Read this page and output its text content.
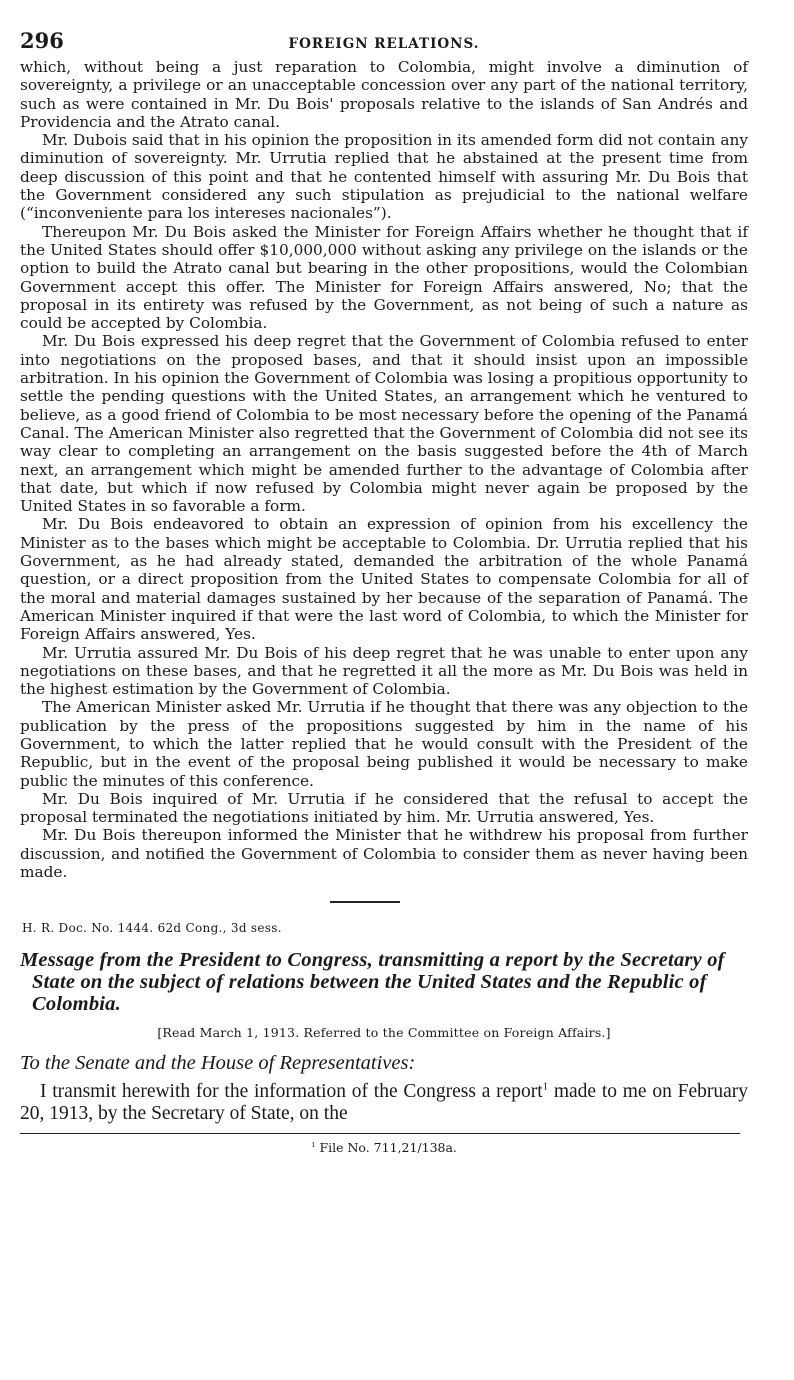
296	FOREIGN RELATIONS.

which, without being a just reparation to Colombia, might involve a diminution of sovereignty, a privilege or an unacceptable concession over any part of the national territory, such as were contained in Mr. Du Bois' proposals relative to the islands of San Andrés and Providencia and the Atrato canal.

Mr. Dubois said that in his opinion the proposition in its amended form did not contain any diminution of sovereignty. Mr. Urrutia replied that he abstained at the present time from deep discussion of this point and that he contented himself with assuring Mr. Du Bois that the Government considered any such stipulation as prejudicial to the national welfare (“inconveniente para los intereses nacionales”).

Thereupon Mr. Du Bois asked the Minister for Foreign Affairs whether he thought that if the United States should offer $10,000,000 without asking any privilege on the islands or the option to build the Atrato canal but bearing in the other propositions, would the Colombian Government accept this offer. The Minister for Foreign Affairs answered, No; that the proposal in its entirety was refused by the Government, as not being of such a nature as could be accepted by Colombia.

Mr. Du Bois expressed his deep regret that the Government of Colombia refused to enter into negotiations on the proposed bases, and that it should insist upon an impossible arbitration. In his opinion the Government of Colombia was losing a propitious opportunity to settle the pending questions with the United States, an arrangement which he ventured to believe, as a good friend of Colombia to be most necessary before the opening of the Panamá Canal. The American Minister also regretted that the Government of Colombia did not see its way clear to completing an arrangement on the basis suggested before the 4th of March next, an arrangement which might be amended further to the advantage of Colombia after that date, but which if now refused by Colombia might never again be proposed by the United States in so favorable a form.

Mr. Du Bois endeavored to obtain an expression of opinion from his excellency the Minister as to the bases which might be acceptable to Colombia. Dr. Urrutia replied that his Government, as he had already stated, demanded the arbitration of the whole Panamá question, or a direct proposition from the United States to compensate Colombia for all of the moral and material damages sustained by her because of the separation of Panamá. The American Minister inquired if that were the last word of Colombia, to which the Minister for Foreign Affairs answered, Yes.

Mr. Urrutia assured Mr. Du Bois of his deep regret that he was unable to enter upon any negotiations on these bases, and that he regretted it all the more as Mr. Du Bois was held in the highest estimation by the Government of Colombia.

The American Minister asked Mr. Urrutia if he thought that there was any objection to the publication by the press of the propositions suggested by him in the name of his Government, to which the latter replied that he would consult with the President of the Republic, but in the event of the proposal being published it would be necessary to make public the minutes of this conference.

Mr. Du Bois inquired of Mr. Urrutia if he considered that the refusal to accept the proposal terminated the negotiations initiated by him. Mr. Urrutia answered, Yes.

Mr. Du Bois thereupon informed the Minister that he withdrew his proposal from further discussion, and notified the Government of Colombia to consider them as never having been made.

H. R. Doc. No. 1444. 62d Cong., 3d sess.
Message from the President to Congress, transmitting a report by the Secretary of State on the subject of relations between the United States and the Republic of Colombia.
[Read March 1, 1913. Referred to the Committee on Foreign Affairs.]
To the Senate and the House of Representatives:

I transmit herewith for the information of the Congress a report$^1$ made to me on February 20, 1913, by the Secretary of State, on the

$^1$ File No. 711,21/138a.
